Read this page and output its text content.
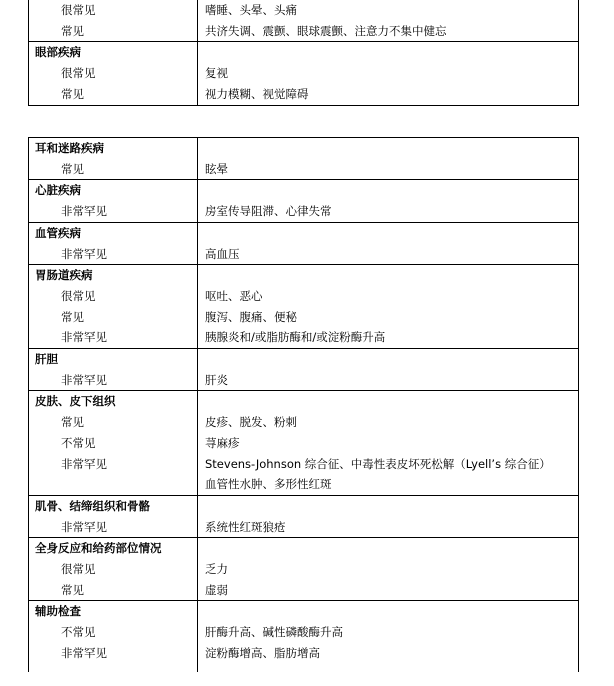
很常见	嗜睡、头晕、头痛
常见	共济失调、震颤、眼球震颤、注意力不集中健忘
眼部疾病	
很常见	复视
常见	视力模糊、视觉障碍
耳和迷路疾病	
常见	眩晕
心脏疾病	
非常罕见	房室传导阻滞、心律失常
血管疾病	
非常罕见	高血压
胃肠道疾病	
很常见	呕吐、恶心
常见	腹泻、腹痛、便秘
非常罕见	胰腺炎和/或脂肪酶和/或淀粉酶升高
肝胆	
非常罕见	肝炎
皮肤、皮下组织	
常见	皮疹、脱发、粉刺
不常见	荨麻疹
非常罕见	Stevens-Johnson 综合征、中毒性表皮坏死松解（Lyell’s 综合征）
	血管性水肿、多形性红斑
肌骨、结缔组织和骨骼	
非常罕见	系统性红斑狼疮
全身反应和给药部位情况	
很常见	乏力
常见	虚弱
辅助检查	
不常见	肝酶升高、碱性磷酸酶升高
非常罕见	淀粉酶增高、脂肪增高
